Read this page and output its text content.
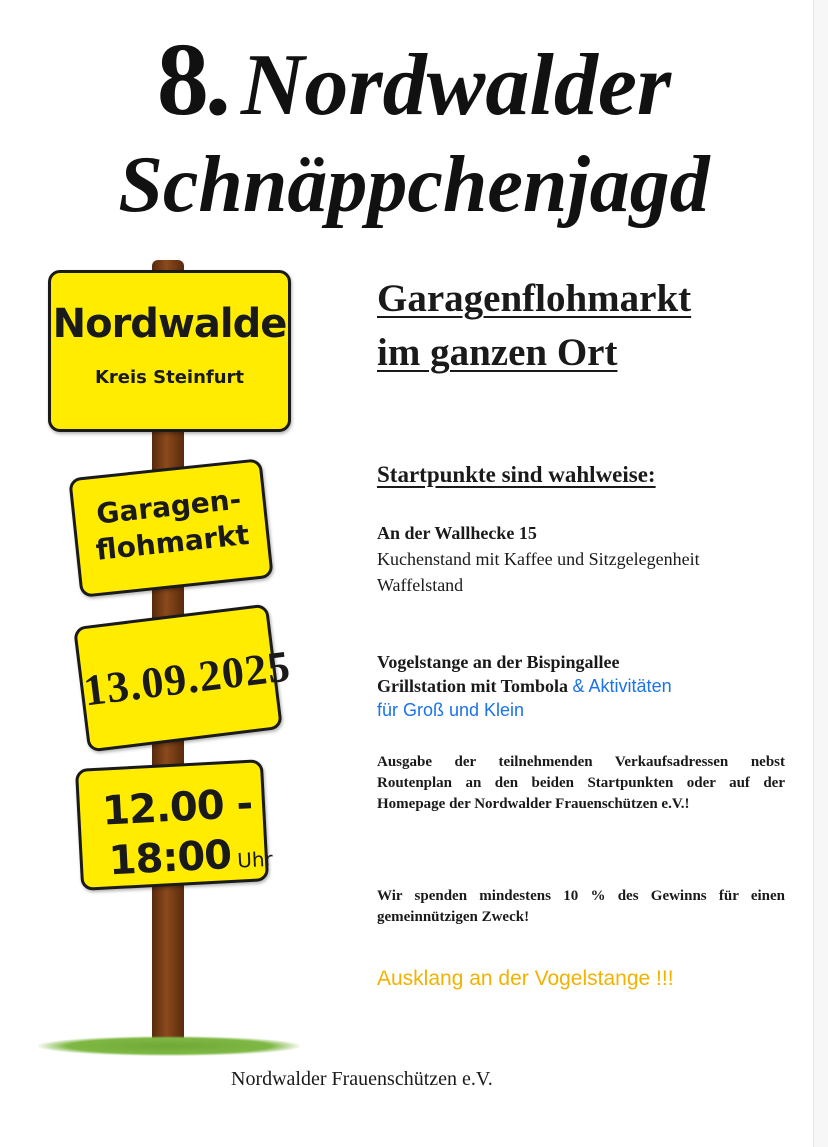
8. Nordwalder
Schnäppchenjagd
Nordwalde
Kreis Steinfurt
Garagen-
flohmarkt
13.09.2025
12.00 -
18:00 Uhr
Garagenflohmarkt
im ganzen Ort
Startpunkte sind wahlweise:
An der Wallhecke 15
Kuchenstand mit Kaffee und Sitzgelegenheit
Waffelstand
Vogelstange an der Bispingallee
Grillstation mit Tombola & Aktivitäten
für Groß und Klein
Ausgabe der teilnehmenden Verkaufsadressen nebst Routenplan an den beiden Startpunkten oder auf der Homepage der Nordwalder Frauenschützen e.V.!
Wir spenden mindestens 10 % des Gewinns für einen gemeinnützigen Zweck!
Ausklang an der Vogelstange !!!
Nordwalder Frauenschützen e.V.
